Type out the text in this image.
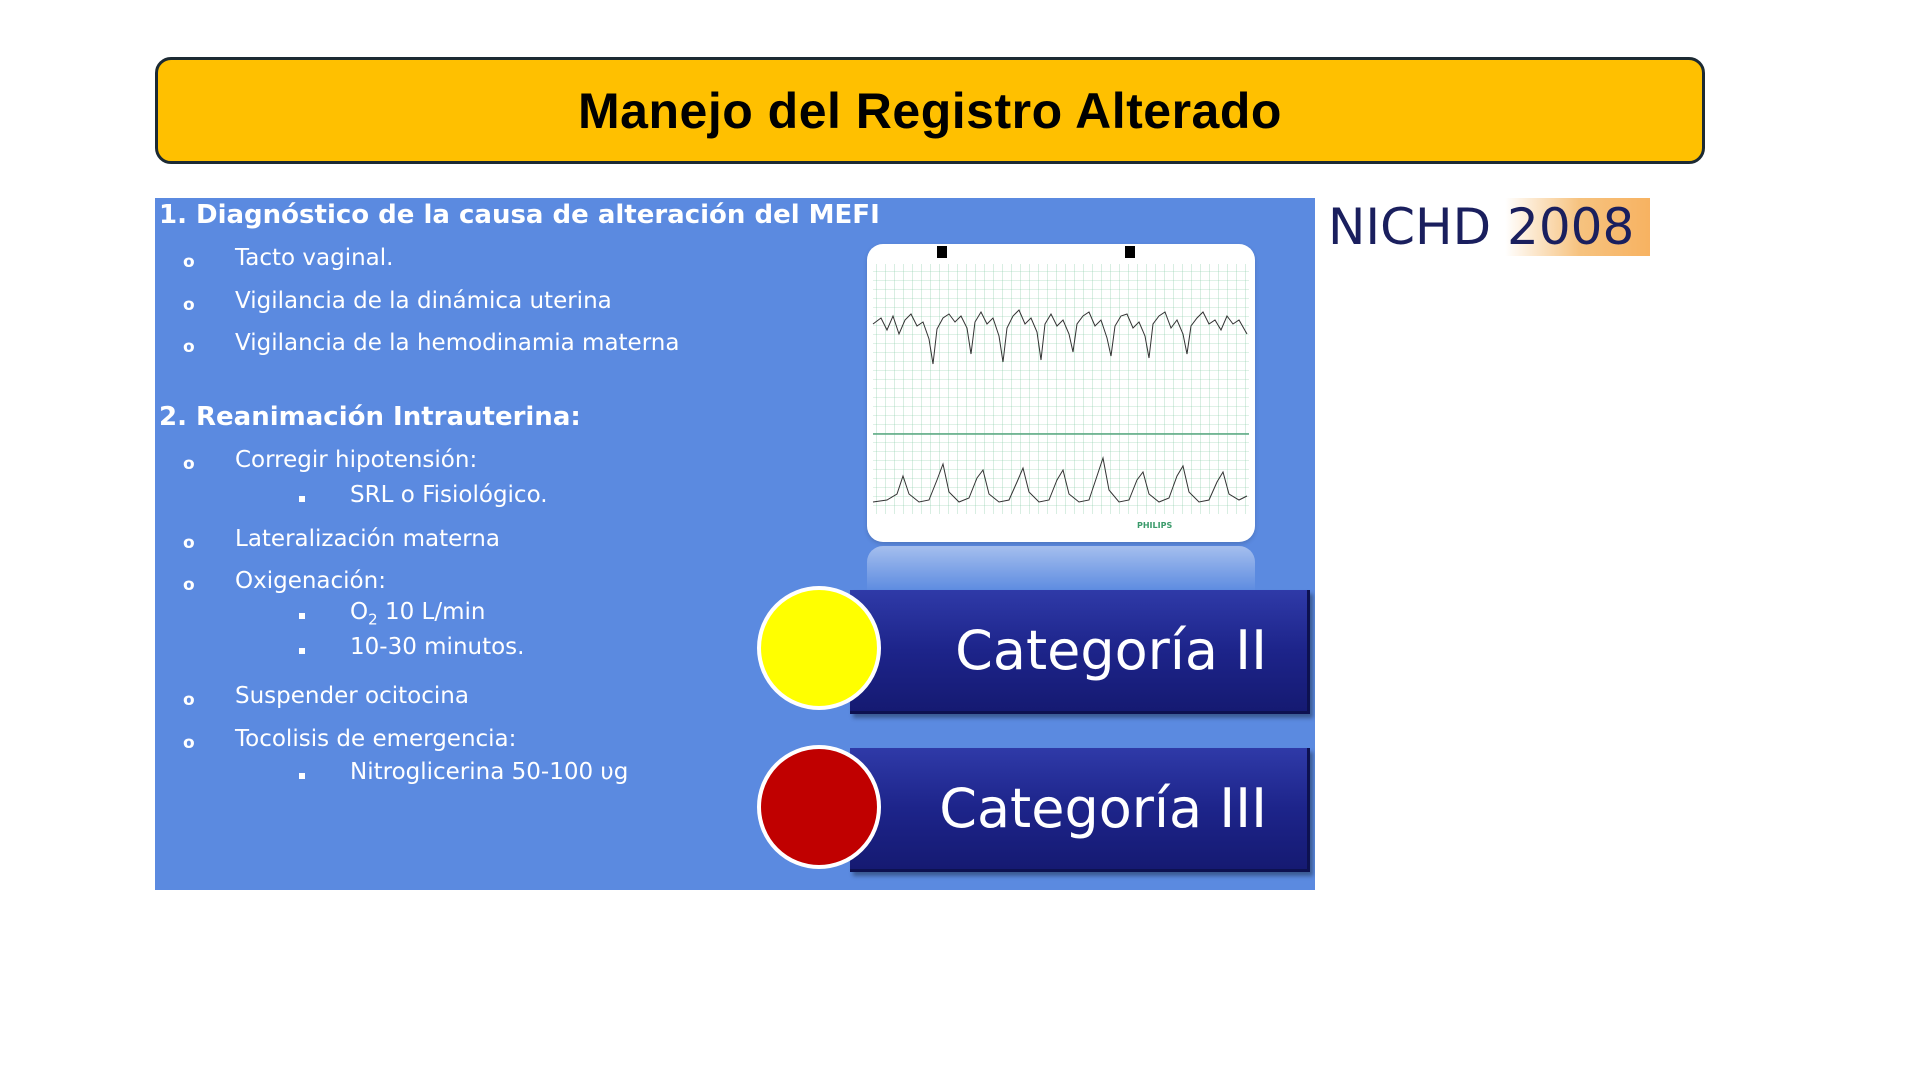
Manejo del Registro Alterado
NICHD 2008
1. Diagnóstico de la causa de alteración del MEFI
o Tacto vaginal.
o Vigilancia de la dinámica uterina
o Vigilancia de la hemodinamia materna
2. Reanimación Intrauterina:
o Corregir hipotensión:
SRL o Fisiológico.
o Lateralización materna
o Oxigenación:
$O_2$ 10 L/min
10-30 minutos.
o Suspender ocitocina
o Tocolisis de emergencia:
Nitroglicerina 50-100 υg
PHILIPS
Categoría II
Categoría III
